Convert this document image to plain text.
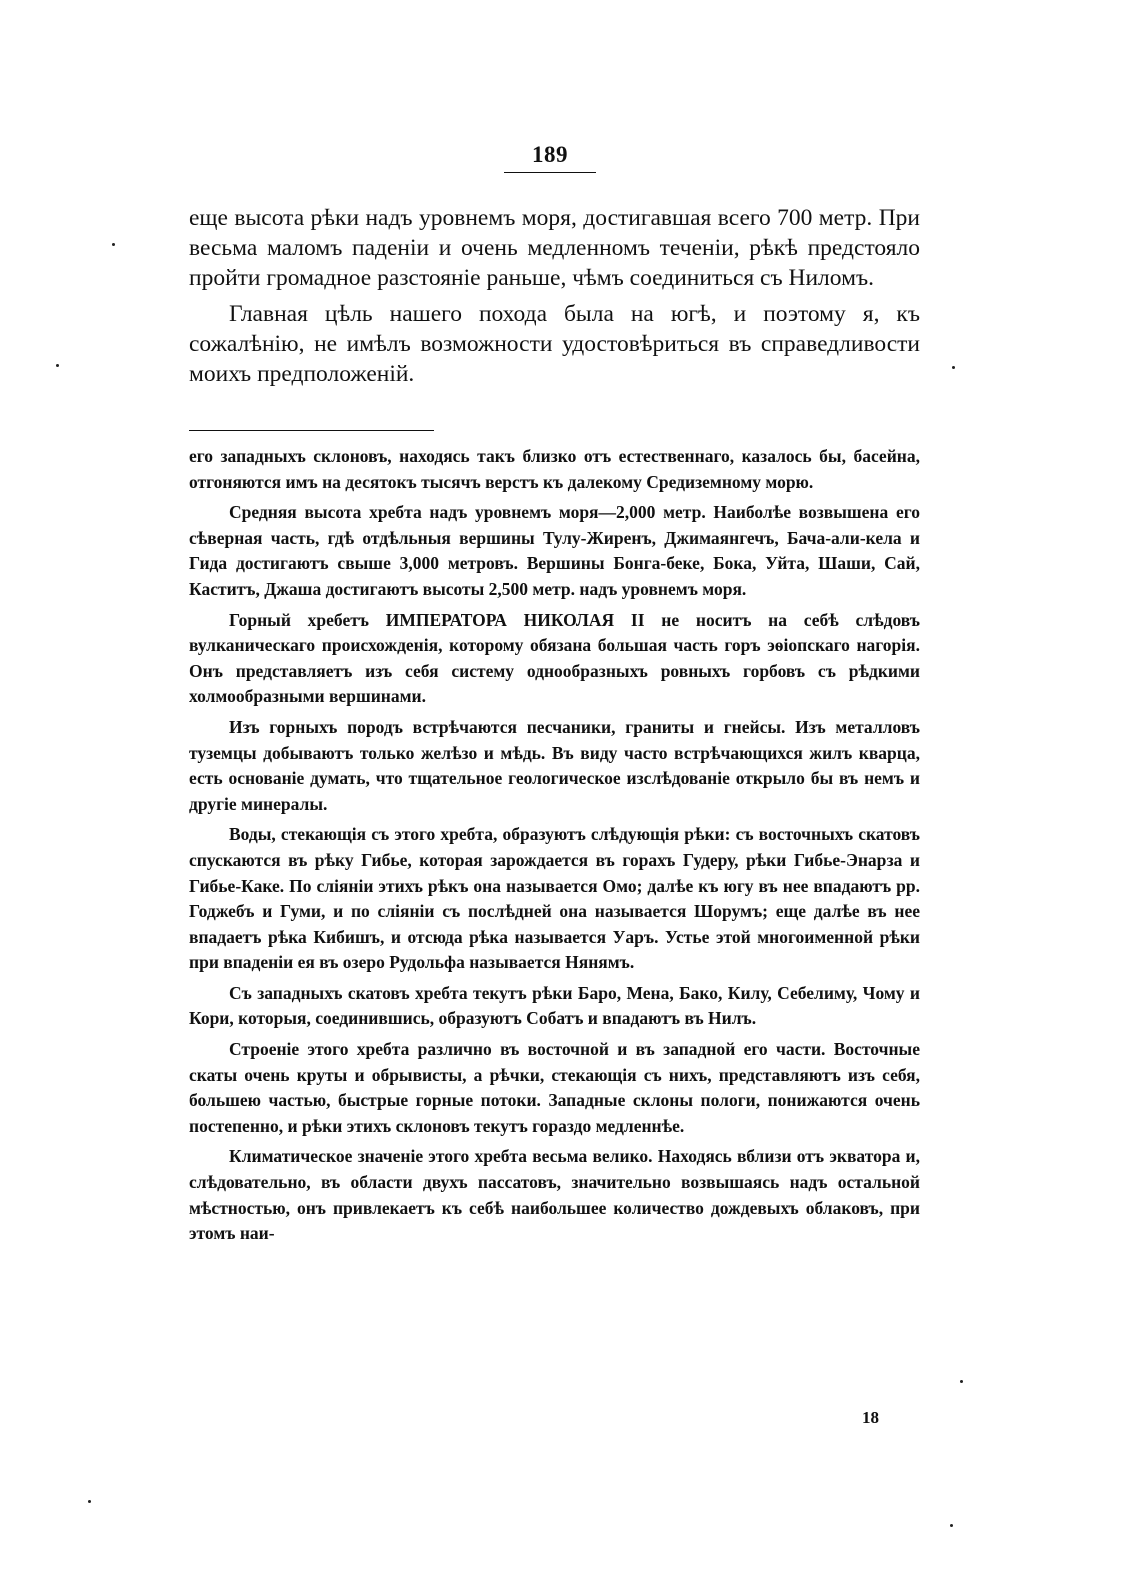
189

еще высота рѣки надъ уровнемъ моря, достигавшая всего 700 метр. При весьма маломъ паденiи и очень медленномъ теченiи, рѣкѣ предстояло пройти громадное разстоянiе раньше, чѣмъ соединиться съ Ниломъ.

Главная цѣль нашего похода была на югѣ, и поэтому я, къ сожалѣнiю, не имѣлъ возможности удостовѣриться въ справедливости моихъ предположенiй.

его западныхъ склоновъ, находясь такъ близко отъ естественнаго, казалось бы, басейна, отгоняются имъ на десятокъ тысячъ верстъ къ далекому Средиземному морю.

Средняя высота хребта надъ уровнемъ моря—2,000 метр. Наиболѣе возвышена его сѣверная часть, гдѣ отдѣльныя вершины Тулу-Жиренъ, Джимаянгечъ, Бача-али-кела и Гида достигаютъ свыше 3,000 метровъ. Вершины Бонга-беке, Бока, Уйта, Шаши, Сай, Каститъ, Джаша достигаютъ высоты 2,500 метр. надъ уровнемъ моря.

Горный хребетъ ИМПЕРАТОРА НИКОЛАЯ II не носитъ на себѣ слѣдовъ вулканическаго происхожденiя, которому обязана большая часть горъ эѳiопскаго нагорiя. Онъ представляетъ изъ себя систему однообразныхъ ровныхъ горбовъ съ рѣдкими холмообразными вершинами.

Изъ горныхъ породъ встрѣчаются песчаники, граниты и гнейсы. Изъ металловъ туземцы добываютъ только желѣзо и мѣдь. Въ виду часто встрѣчающихся жилъ кварца, есть основанiе думать, что тщательное геологическое изслѣдованiе открыло бы въ немъ и другiе минералы.

Воды, стекающiя съ этого хребта, образуютъ слѣдующiя рѣки: съ восточныхъ скатовъ спускаются въ рѣку Гибье, которая зарождается въ горахъ Гудеру, рѣки Гибье-Энарза и Гибье-Каке. По сліянiи этихъ рѣкъ она называется Омо; далѣе къ югу въ нее впадаютъ рр. Годжебъ и Гуми, и по слiянiи съ послѣдней она называется Шорумъ; еще далѣе въ нее впадаетъ рѣка Кибишъ, и отсюда рѣка называется Уаръ. Устье этой многоименной рѣки при впаденiи ея въ озеро Рудольфа называется Нянямъ.

Съ западныхъ скатовъ хребта текутъ рѣки Баро, Мена, Бако, Килу, Себелиму, Чому и Кори, которыя, соединившись, образуютъ Собатъ и впадаютъ въ Нилъ.

Строенiе этого хребта различно въ восточной и въ западной его части. Восточные скаты очень круты и обрывисты, а рѣчки, стекающiя съ нихъ, представляютъ изъ себя, большею частью, быстрые горные потоки. Западные склоны пологи, понижаются очень постепенно, и рѣки этихъ склоновъ текутъ гораздо медленнѣе.

Климатическое значенiе этого хребта весьма велико. Находясь вблизи отъ экватора и, слѣдовательно, въ области двухъ пассатовъ, значительно возвышаясь надъ остальной мѣстностью, онъ привлекаетъ къ себѣ наибольшее количество дождевыхъ облаковъ, при этомъ наи-

18
